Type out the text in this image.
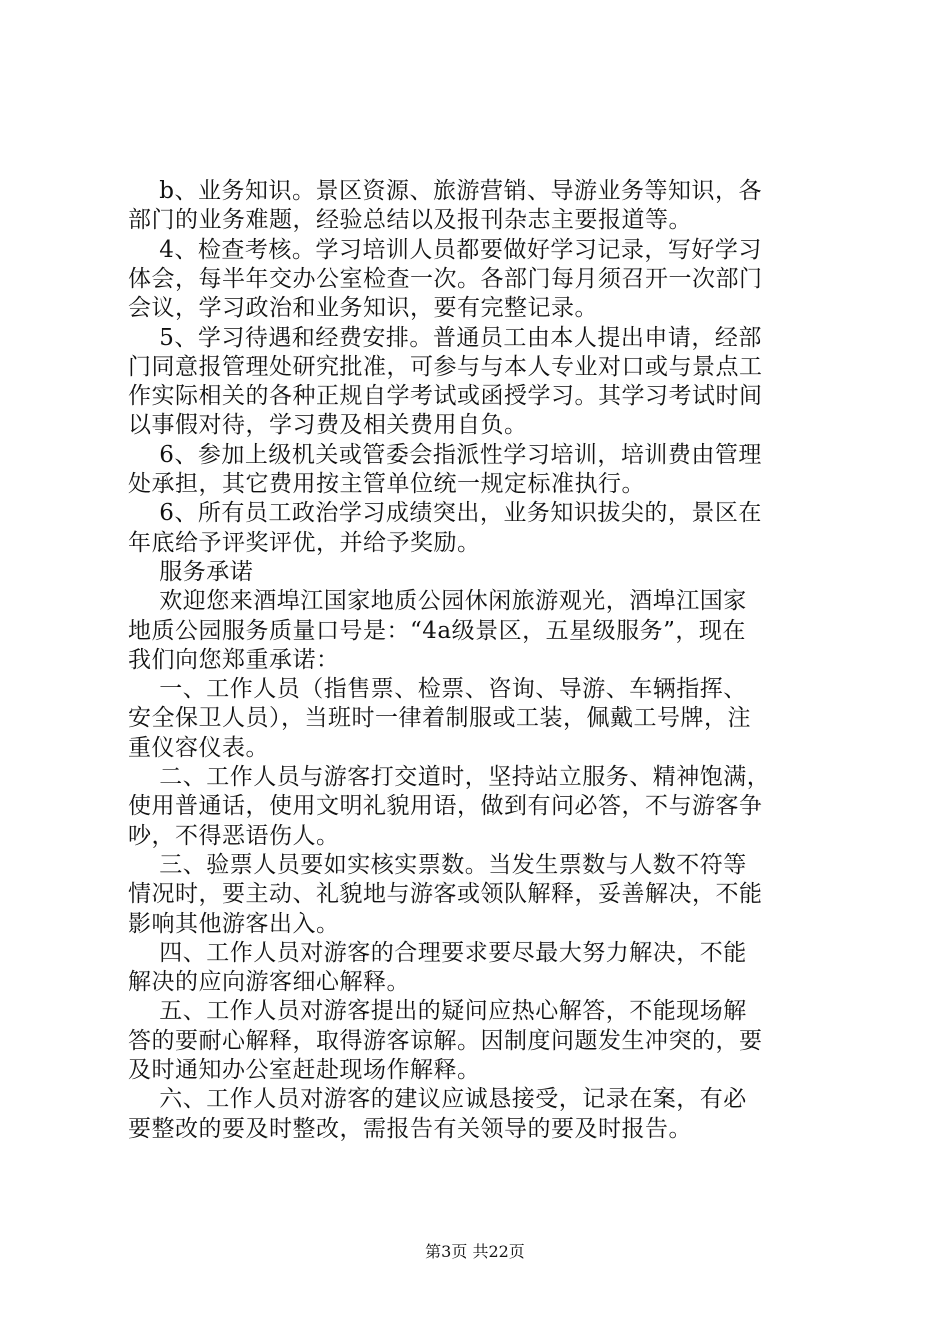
b、业务知识。景区资源、旅游营销、导游业务等知识，各
部门的业务难题，经验总结以及报刊杂志主要报道等。
4、检查考核。学习培训人员都要做好学习记录，写好学习
体会，每半年交办公室检查一次。各部门每月须召开一次部门
会议，学习政治和业务知识，要有完整记录。
5、学习待遇和经费安排。普通员工由本人提出申请，经部
门同意报管理处研究批准，可参与与本人专业对口或与景点工
作实际相关的各种正规自学考试或函授学习。其学习考试时间
以事假对待，学习费及相关费用自负。
6、参加上级机关或管委会指派性学习培训，培训费由管理
处承担，其它费用按主管单位统一规定标准执行。
6、所有员工政治学习成绩突出，业务知识拔尖的，景区在
年底给予评奖评优，并给予奖励。
服务承诺
欢迎您来酒埠江国家地质公园休闲旅游观光，酒埠江国家
地质公园服务质量口号是：“4a级景区，五星级服务”，现在
我们向您郑重承诺：
一、工作人员（指售票、检票、咨询、导游、车辆指挥、
安全保卫人员），当班时一律着制服或工装，佩戴工号牌，注
重仪容仪表。
二、工作人员与游客打交道时，坚持站立服务、精神饱满，
使用普通话，使用文明礼貌用语，做到有问必答，不与游客争
吵，不得恶语伤人。
三、验票人员要如实核实票数。当发生票数与人数不符等
情况时，要主动、礼貌地与游客或领队解释，妥善解决，不能
影响其他游客出入。
四、工作人员对游客的合理要求要尽最大努力解决，不能
解决的应向游客细心解释。
五、工作人员对游客提出的疑问应热心解答，不能现场解
答的要耐心解释，取得游客谅解。因制度问题发生冲突的，要
及时通知办公室赶赴现场作解释。
六、工作人员对游客的建议应诚恳接受，记录在案，有必
要整改的要及时整改，需报告有关领导的要及时报告。
第3页 共22页
